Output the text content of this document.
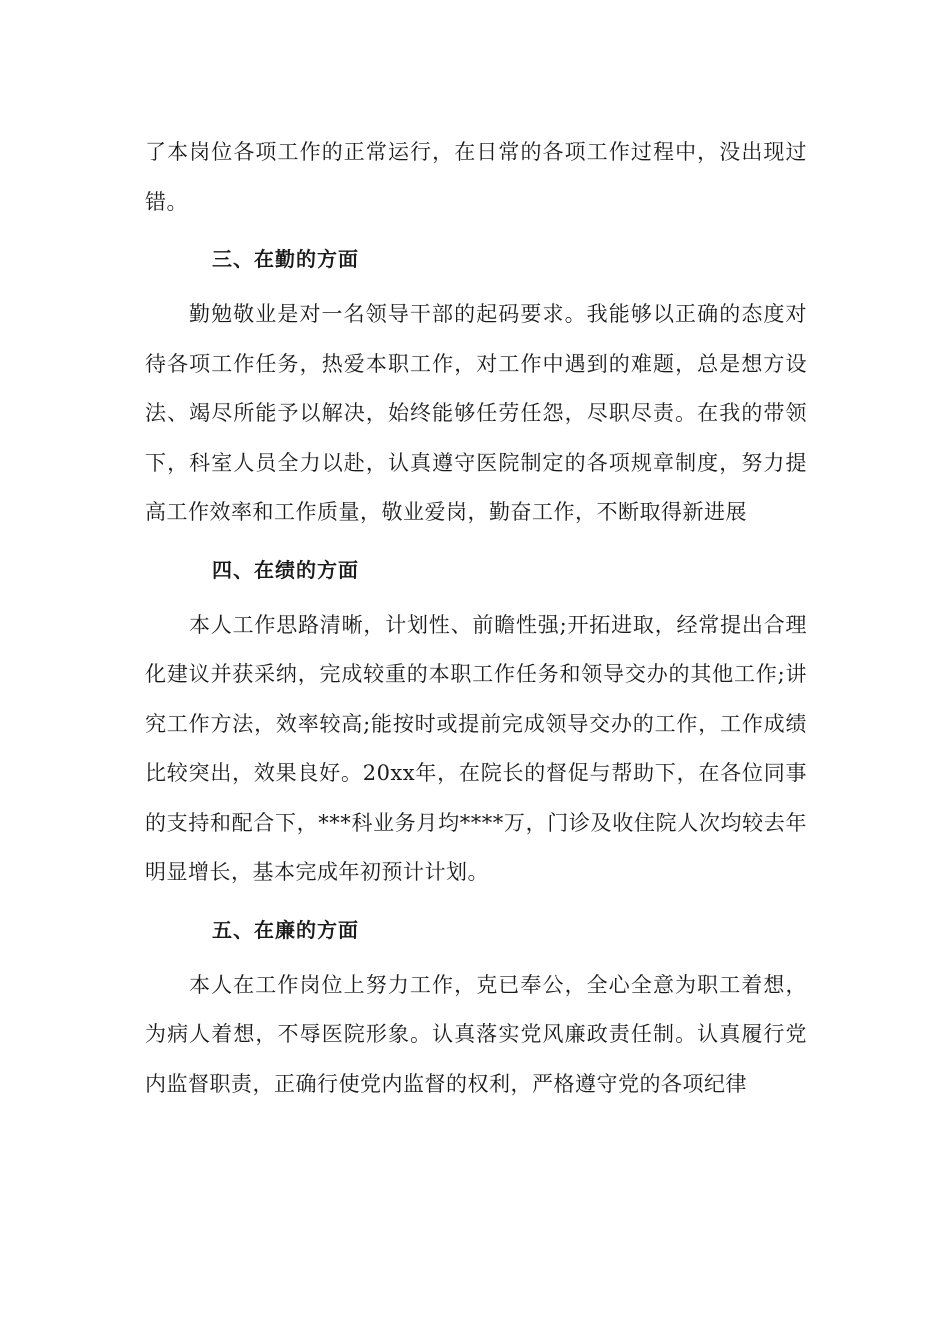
了本岗位各项工作的正常运行，在日常的各项工作过程中，没出现过错。

三、在勤的方面

勤勉敬业是对一名领导干部的起码要求。我能够以正确的态度对待各项工作任务，热爱本职工作，对工作中遇到的难题，总是想方设法、竭尽所能予以解决，始终能够任劳任怨，尽职尽责。在我的带领下，科室人员全力以赴，认真遵守医院制定的各项规章制度，努力提高工作效率和工作质量，敬业爱岗，勤奋工作，不断取得新进展

四、在绩的方面

本人工作思路清晰，计划性、前瞻性强;开拓进取，经常提出合理化建议并获采纳，完成较重的本职工作任务和领导交办的其他工作;讲究工作方法，效率较高;能按时或提前完成领导交办的工作，工作成绩比较突出，效果良好。20xx年，在院长的督促与帮助下，在各位同事的支持和配合下，***科业务月均****万，门诊及收住院人次均较去年明显增长，基本完成年初预计计划。

五、在廉的方面

本人在工作岗位上努力工作，克已奉公，全心全意为职工着想，为病人着想，不辱医院形象。认真落实党风廉政责任制。认真履行党内监督职责，正确行使党内监督的权利，严格遵守党的各项纪律
